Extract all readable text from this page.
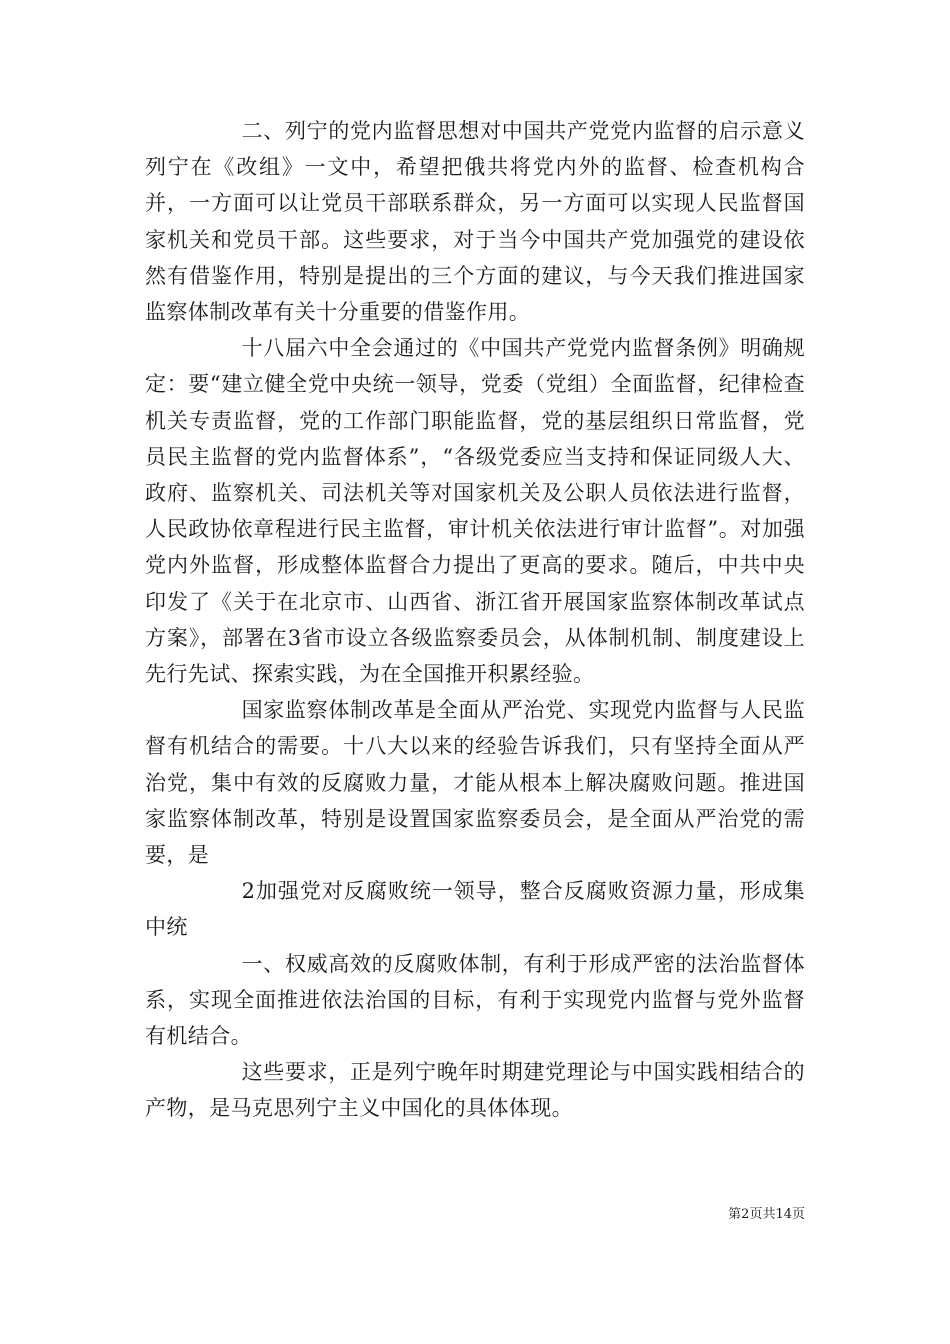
二、列宁的党内监督思想对中国共产党党内监督的启示意义列宁在《改组》一文中，希望把俄共将党内外的监督、检查机构合并，一方面可以让党员干部联系群众，另一方面可以实现人民监督国家机关和党员干部。这些要求，对于当今中国共产党加强党的建设依然有借鉴作用，特别是提出的三个方面的建议，与今天我们推进国家监察体制改革有关十分重要的借鉴作用。

十八届六中全会通过的《中国共产党党内监督条例》明确规定：要“建立健全党中央统一领导，党委（党组）全面监督，纪律检查机关专责监督，党的工作部门职能监督，党的基层组织日常监督，党员民主监督的党内监督体系”，“各级党委应当支持和保证同级人大、政府、监察机关、司法机关等对国家机关及公职人员依法进行监督，人民政协依章程进行民主监督，审计机关依法进行审计监督”。对加强党内外监督，形成整体监督合力提出了更高的要求。随后，中共中央印发了《关于在北京市、山西省、浙江省开展国家监察体制改革试点方案》，部署在3省市设立各级监察委员会，从体制机制、制度建设上先行先试、探索实践，为在全国推开积累经验。

国家监察体制改革是全面从严治党、实现党内监督与人民监督有机结合的需要。十八大以来的经验告诉我们，只有坚持全面从严治党，集中有效的反腐败力量，才能从根本上解决腐败问题。推进国家监察体制改革，特别是设置国家监察委员会，是全面从严治党的需要，是

2加强党对反腐败统一领导，整合反腐败资源力量，形成集中统

一、权威高效的反腐败体制，有利于形成严密的法治监督体系，实现全面推进依法治国的目标，有利于实现党内监督与党外监督有机结合。

这些要求，正是列宁晚年时期建党理论与中国实践相结合的产物，是马克思列宁主义中国化的具体体现。

第2页共14页
